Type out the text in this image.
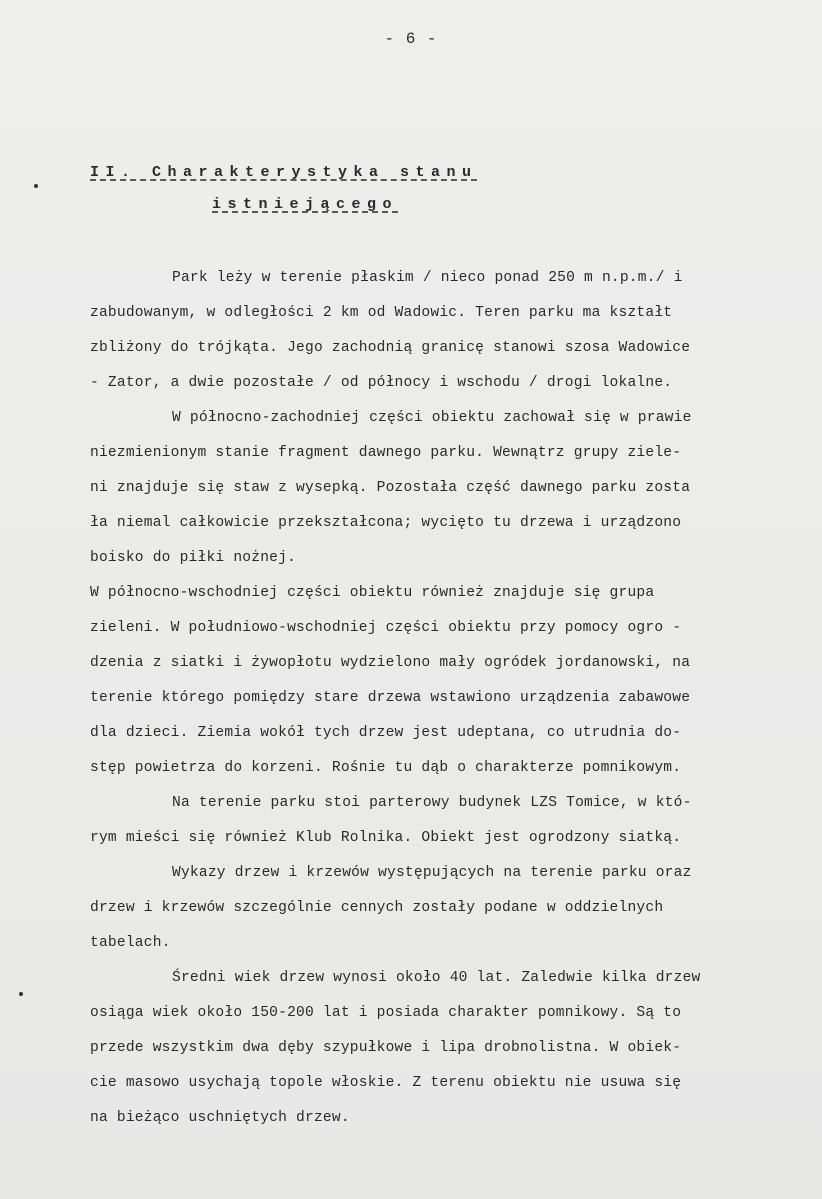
- 6 -
II. Charakterystyka stanu
istniejącego
Park leży w terenie płaskim / nieco ponad 250 m n.p.m./ i
zabudowanym, w odległości 2 km od Wadowic. Teren parku ma kształt
zbliżony do trójkąta. Jego zachodnią granicę stanowi szosa Wadowice
- Zator, a dwie pozostałe / od północy i wschodu / drogi lokalne.
W północno-zachodniej części obiektu zachował się w prawie
niezmienionym stanie fragment dawnego parku. Wewnątrz grupy ziele-
ni znajduje się staw z wysepką. Pozostała część dawnego parku zosta
ła niemal całkowicie przekształcona; wycięto tu drzewa i urządzono
boisko do piłki nożnej.
W północno-wschodniej części obiektu również znajduje się grupa
zieleni. W południowo-wschodniej części obiektu przy pomocy ogro -
dzenia z siatki i żywopłotu wydzielono mały ogródek jordanowski, na
terenie którego pomiędzy stare drzewa wstawiono urządzenia zabawowe
dla dzieci. Ziemia wokół tych drzew jest udeptana, co utrudnia do-
stęp powietrza do korzeni. Rośnie tu dąb o charakterze pomnikowym.
Na terenie parku stoi parterowy budynek LZS Tomice, w któ-
rym mieści się również Klub Rolnika. Obiekt jest ogrodzony siatką.
Wykazy drzew i krzewów występujących na terenie parku oraz
drzew i krzewów szczególnie cennych zostały podane w oddzielnych
tabelach.
Średni wiek drzew wynosi około 40 lat. Zaledwie kilka drzew
osiąga wiek około 150-200 lat i posiada charakter pomnikowy. Są to
przede wszystkim dwa dęby szypułkowe i lipa drobnolistna. W obiek-
cie masowo usychają topole włoskie. Z terenu obiektu nie usuwa się
na bieżąco uschniętych drzew.
